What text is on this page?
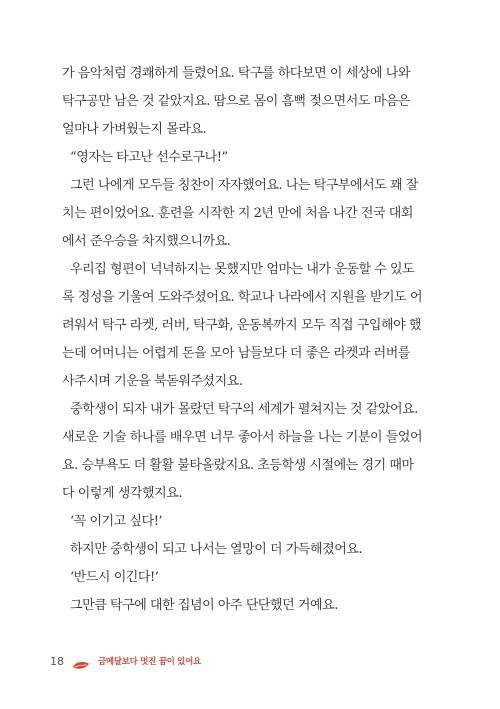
가 음악처럼 경쾌하게 들렸어요. 탁구를 하다보면 이 세상에 나와
탁구공만 남은 것 같았지요. 땀으로 몸이 흠뻑 젖으면서도 마음은
얼마나 가벼웠는지 몰라요.
“영자는 타고난 선수로구나!”
그런 나에게 모두들 칭찬이 자자했어요. 나는 탁구부에서도 꽤 잘
치는 편이었어요. 훈련을 시작한 지 2년 만에 처음 나간 전국 대회
에서 준우승을 차지했으니까요.
우리집 형편이 넉넉하지는 못했지만 엄마는 내가 운동할 수 있도
록 정성을 기울여 도와주셨어요. 학교나 나라에서 지원을 받기도 어
려워서 탁구 라켓, 러버, 탁구화, 운동복까지 모두 직접 구입해야 했
는데 어머니는 어렵게 돈을 모아 남들보다 더 좋은 라켓과 러버를
사주시며 기운을 북돋워주셨지요.
중학생이 되자 내가 몰랐던 탁구의 세계가 펼쳐지는 것 같았어요.
새로운 기술 하나를 배우면 너무 좋아서 하늘을 나는 기분이 들었어
요. 승부욕도 더 활활 불타올랐지요. 초등학생 시절에는 경기 때마
다 이렇게 생각했지요.
‘꼭 이기고 싶다!’
하지만 중학생이 되고 나서는 열망이 더 가득해졌어요.
‘반드시 이긴다!’
그만큼 탁구에 대한 집념이 아주 단단했던 거예요.
18	금메달보다 멋진 꿈이 있어요
